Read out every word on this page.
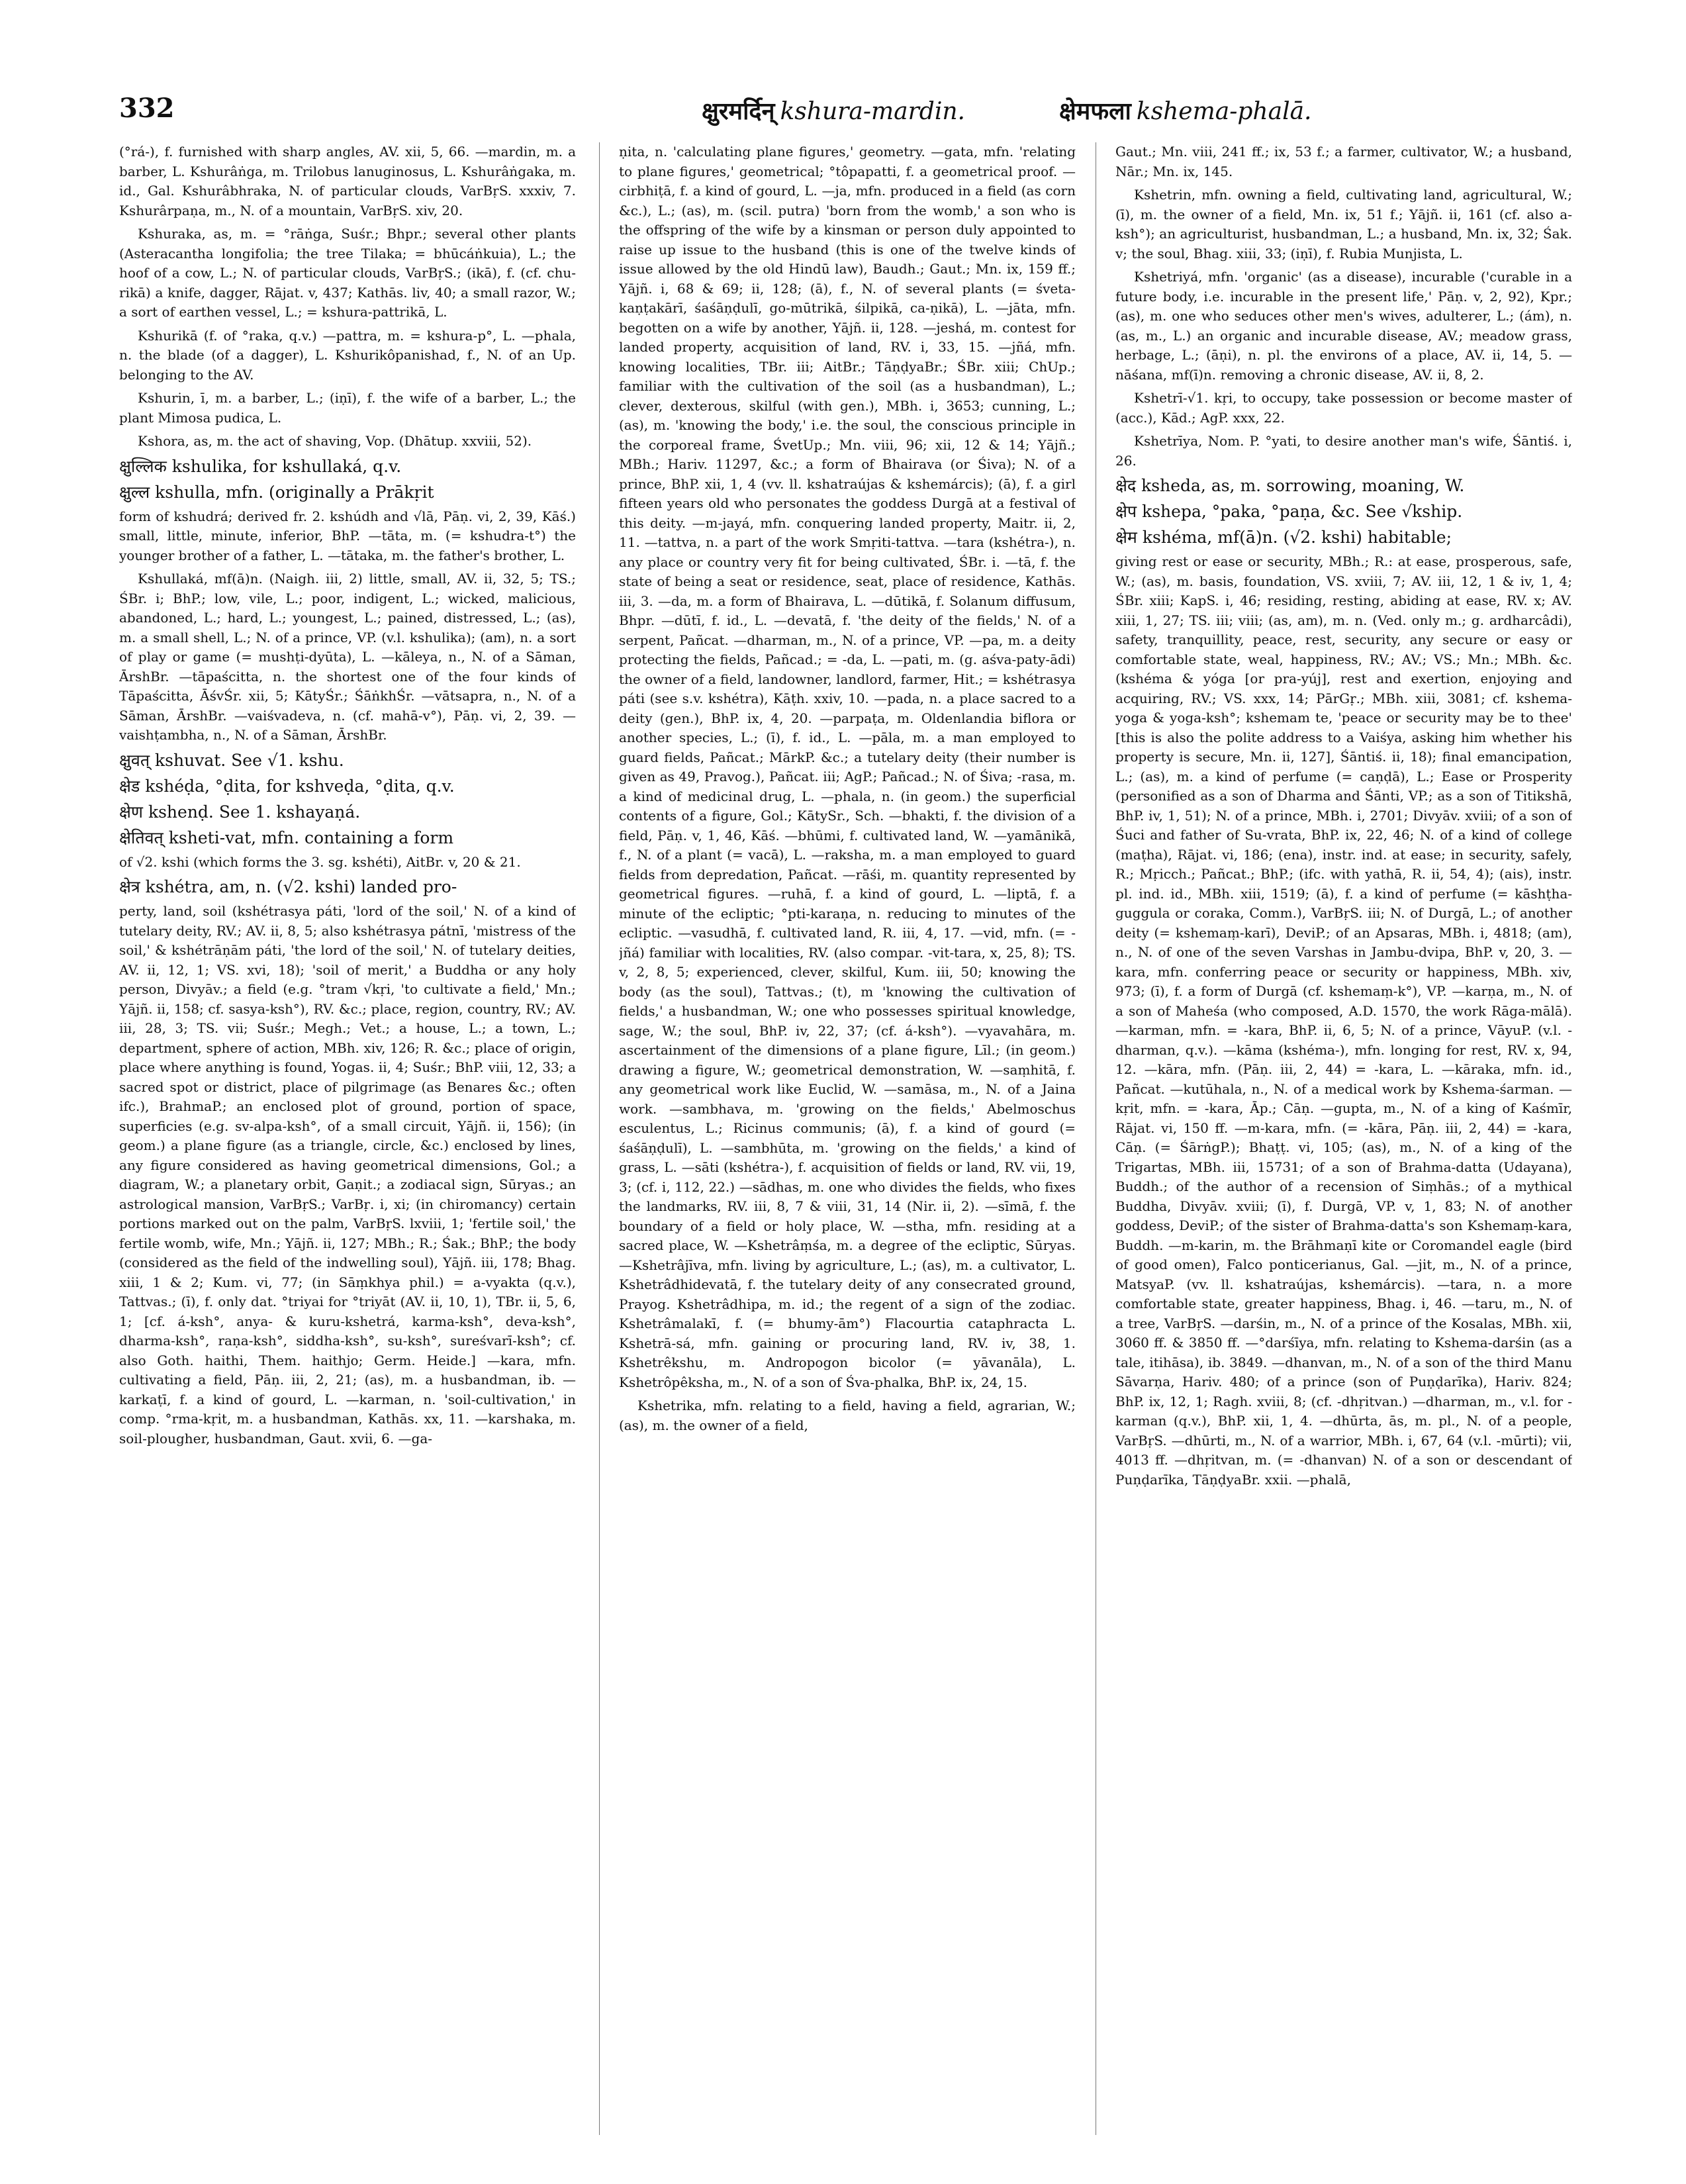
332	क्षुरमर्दिन् kshura-mardin.	क्षेमफला kshema-phalā.

(°rá-), f. furnished with sharp angles, AV. xii, 5, 66. —mardin, m. a barber, L. Kshurâṅga, m. Trilobus lanuginosus, L. Kshurâṅgaka, m. id., Gal. Kshurâbhraka, N. of particular clouds, VarBṛS. xxxiv, 7. Kshurârpaṇa, m., N. of a mountain, VarBṛS. xiv, 20.

Kshuraka, as, m. = °rāṅga, Suśr.; Bhpr.; several other plants (Asteracantha longifolia; the tree Tilaka; = bhūcáṅkuia), L.; the hoof of a cow, L.; N. of particular clouds, VarBṛS.; (ikā), f. (cf. chu-rikā) a knife, dagger, Rājat. v, 437; Kathās. liv, 40; a small razor, W.; a sort of earthen vessel, L.; = kshura-pattrikā, L.

Kshurikā (f. of °raka, q.v.) —pattra, m. = kshura-p°, L. —phala, n. the blade (of a dagger), L. Kshurikôpanishad, f., N. of an Up. belonging to the AV.

Kshurin, ī, m. a barber, L.; (iṇī), f. the wife of a barber, L.; the plant Mimosa pudica, L.

Kshora, as, m. the act of shaving, Vop. (Dhātup. xxviii, 52).

क्षुल्लिक kshulika, for kshullaká, q.v.

क्षुल्ल kshulla, mfn. (originally a Prākṛit

form of kshudrá; derived fr. 2. kshúdh and √lā, Pāṇ. vi, 2, 39, Kāś.) small, little, minute, inferior, BhP. —tāta, m. (= kshudra-t°) the younger brother of a father, L. —tātaka, m. the father's brother, L.

Kshullaká, mf(ā)n. (Naigh. iii, 2) little, small, AV. ii, 32, 5; TS.; ŚBr. i; BhP.; low, vile, L.; poor, indigent, L.; wicked, malicious, abandoned, L.; hard, L.; youngest, L.; pained, distressed, L.; (as), m. a small shell, L.; N. of a prince, VP. (v.l. kshulika); (am), n. a sort of play or game (= mushṭi-dyūta), L. —kāleya, n., N. of a Sāman, ĀrshBr. —tāpaścitta, n. the shortest one of the four kinds of Tāpaścitta, ĀśvŚr. xii, 5; KātyŚr.; ŚāṅkhŚr. —vātsapra, n., N. of a Sāman, ĀrshBr. —vaiśvadeva, n. (cf. mahā-v°), Pāṇ. vi, 2, 39. —vaishṭambha, n., N. of a Sāman, ĀrshBr.

क्षुवत् kshuvat. See √1. kshu.

क्षेड kshéḍa, °ḍita, for kshveḍa, °ḍita, q.v.

क्षेण kshenḍ. See 1. kshayaṇá.

क्षेतिवत् ksheti-vat, mfn. containing a form

of √2. kshi (which forms the 3. sg. kshéti), AitBr. v, 20 & 21.

क्षेत्र kshétra, am, n. (√2. kshi) landed pro-

perty, land, soil (kshétrasya páti, 'lord of the soil,' N. of a kind of tutelary deity, RV.; AV. ii, 8, 5; also kshétrasya pátnī, 'mistress of the soil,' & kshétrāṇām páti, 'the lord of the soil,' N. of tutelary deities, AV. ii, 12, 1; VS. xvi, 18); 'soil of merit,' a Buddha or any holy person, Divyāv.; a field (e.g. °tram √kṛi, 'to cultivate a field,' Mn.; Yājñ. ii, 158; cf. sasya-ksh°), RV. &c.; place, region, country, RV.; AV. iii, 28, 3; TS. vii; Suśr.; Megh.; Vet.; a house, L.; a town, L.; department, sphere of action, MBh. xiv, 126; R. &c.; place of origin, place where anything is found, Yogas. ii, 4; Suśr.; BhP. viii, 12, 33; a sacred spot or district, place of pilgrimage (as Benares &c.; often ifc.), BrahmaP.; an enclosed plot of ground, portion of space, superficies (e.g. sv-alpa-ksh°, of a small circuit, Yājñ. ii, 156); (in geom.) a plane figure (as a triangle, circle, &c.) enclosed by lines, any figure considered as having geometrical dimensions, Gol.; a diagram, W.; a planetary orbit, Gaṇit.; a zodiacal sign, Sūryas.; an astrological mansion, VarBṛS.; VarBṛ. i, xi; (in chiromancy) certain portions marked out on the palm, VarBṛS. lxviii, 1; 'fertile soil,' the fertile womb, wife, Mn.; Yājñ. ii, 127; MBh.; R.; Śak.; BhP.; the body (considered as the field of the indwelling soul), Yājñ. iii, 178; Bhag. xiii, 1 & 2; Kum. vi, 77; (in Sāṃkhya phil.) = a-vyakta (q.v.), Tattvas.; (ī), f. only dat. °triyai for °triyāt (AV. ii, 10, 1), TBr. ii, 5, 6, 1; [cf. á-ksh°, anya- & kuru-kshetrá, karma-ksh°, deva-ksh°, dharma-ksh°, raṇa-ksh°, siddha-ksh°, su-ksh°, sureśvarī-ksh°; cf. also Goth. haithi, Them. haithjo; Germ. Heide.] —kara, mfn. cultivating a field, Pāṇ. iii, 2, 21; (as), m. a husbandman, ib. —karkaṭī, f. a kind of gourd, L. —karman, n. 'soil-cultivation,' in comp. °rma-kṛit, m. a husbandman, Kathās. xx, 11. —karshaka, m. soil-plougher, husbandman, Gaut. xvii, 6. —ga-

ṇita, n. 'calculating plane figures,' geometry. —gata, mfn. 'relating to plane figures,' geometrical; °tôpapatti, f. a geometrical proof. —cirbhiṭā, f. a kind of gourd, L. —ja, mfn. produced in a field (as corn &c.), L.; (as), m. (scil. putra) 'born from the womb,' a son who is the offspring of the wife by a kinsman or person duly appointed to raise up issue to the husband (this is one of the twelve kinds of issue allowed by the old Hindū law), Baudh.; Gaut.; Mn. ix, 159 ff.; Yājñ. i, 68 & 69; ii, 128; (ā), f., N. of several plants (= śveta-kaṇṭakārī, śaśāṇḍulī, go-mūtrikā, śilpikā, ca-ṇikā), L. —jāta, mfn. begotten on a wife by another, Yājñ. ii, 128. —jeshá, m. contest for landed property, acquisition of land, RV. i, 33, 15. —jñá, mfn. knowing localities, TBr. iii; AitBr.; TāṇḍyaBr.; ŚBr. xiii; ChUp.; familiar with the cultivation of the soil (as a husbandman), L.; clever, dexterous, skilful (with gen.), MBh. i, 3653; cunning, L.; (as), m. 'knowing the body,' i.e. the soul, the conscious principle in the corporeal frame, ŚvetUp.; Mn. viii, 96; xii, 12 & 14; Yājñ.; MBh.; Hariv. 11297, &c.; a form of Bhairava (or Śiva); N. of a prince, BhP. xii, 1, 4 (vv. ll. kshatraújas & kshemárcis); (ā), f. a girl fifteen years old who personates the goddess Durgā at a festival of this deity. —m-jayá, mfn. conquering landed property, Maitr. ii, 2, 11. —tattva, n. a part of the work Smṛiti-tattva. —tara (kshétra-), n. any place or country very fit for being cultivated, ŚBr. i. —tā, f. the state of being a seat or residence, seat, place of residence, Kathās. iii, 3. —da, m. a form of Bhairava, L. —dūtikā, f. Solanum diffusum, Bhpr. —dūtī, f. id., L. —devatā, f. 'the deity of the fields,' N. of a serpent, Pañcat. —dharman, m., N. of a prince, VP. —pa, m. a deity protecting the fields, Pañcad.; = -da, L. —pati, m. (g. aśva-paty-ādi) the owner of a field, landowner, landlord, farmer, Hit.; = kshétrasya páti (see s.v. kshétra), Kāṭh. xxiv, 10. —pada, n. a place sacred to a deity (gen.), BhP. ix, 4, 20. —parpaṭa, m. Oldenlandia biflora or another species, L.; (ī), f. id., L. —pāla, m. a man employed to guard fields, Pañcat.; MārkP. &c.; a tutelary deity (their number is given as 49, Pravog.), Pañcat. iii; AgP.; Pañcad.; N. of Śiva; -rasa, m. a kind of medicinal drug, L. —phala, n. (in geom.) the superficial contents of a figure, Gol.; KātySr., Sch. —bhakti, f. the division of a field, Pāṇ. v, 1, 46, Kāś. —bhūmi, f. cultivated land, W. —yamānikā, f., N. of a plant (= vacā), L. —raksha, m. a man employed to guard fields from depredation, Pañcat. —rāśi, m. quantity represented by geometrical figures. —ruhā, f. a kind of gourd, L. —liptā, f. a minute of the ecliptic; °pti-karaṇa, n. reducing to minutes of the ecliptic. —vasudhā, f. cultivated land, R. iii, 4, 17. —vid, mfn. (= -jñá) familiar with localities, RV. (also compar. -vit-tara, x, 25, 8); TS. v, 2, 8, 5; experienced, clever, skilful, Kum. iii, 50; knowing the body (as the soul), Tattvas.; (t), m 'knowing the cultivation of fields,' a husbandman, W.; one who possesses spiritual knowledge, sage, W.; the soul, BhP. iv, 22, 37; (cf. á-ksh°). —vyavahāra, m. ascertainment of the dimensions of a plane figure, Līl.; (in geom.) drawing a figure, W.; geometrical demonstration, W. —saṃhitā, f. any geometrical work like Euclid, W. —samāsa, m., N. of a Jaina work. —sambhava, m. 'growing on the fields,' Abelmoschus esculentus, L.; Ricinus communis; (ā), f. a kind of gourd (= śaśāṇḍulī), L. —sambhūta, m. 'growing on the fields,' a kind of grass, L. —sāti (kshétra-), f. acquisition of fields or land, RV. vii, 19, 3; (cf. i, 112, 22.) —sādhas, m. one who divides the fields, who fixes the landmarks, RV. iii, 8, 7 & viii, 31, 14 (Nir. ii, 2). —sīmā, f. the boundary of a field or holy place, W. —stha, mfn. residing at a sacred place, W. —Kshetrâṃśa, m. a degree of the ecliptic, Sūryas. —Kshetrâjīva, mfn. living by agriculture, L.; (as), m. a cultivator, L. Kshetrâdhidevatā, f. the tutelary deity of any consecrated ground, Prayog. Kshetrâdhipa, m. id.; the regent of a sign of the zodiac. Kshetrâmalakī, f. (= bhumy-ām°) Flacourtia cataphracta L. Kshetrā-sá, mfn. gaining or procuring land, RV. iv, 38, 1. Kshetrêkshu, m. Andropogon bicolor (= yāvanāla), L. Kshetrôpêksha, m., N. of a son of Śva-phalka, BhP. ix, 24, 15.

Kshetrika, mfn. relating to a field, having a field, agrarian, W.; (as), m. the owner of a field,

Gaut.; Mn. viii, 241 ff.; ix, 53 f.; a farmer, cultivator, W.; a husband, Nār.; Mn. ix, 145.

Kshetrin, mfn. owning a field, cultivating land, agricultural, W.; (ī), m. the owner of a field, Mn. ix, 51 f.; Yājñ. ii, 161 (cf. also a-ksh°); an agriculturist, husbandman, L.; a husband, Mn. ix, 32; Śak. v; the soul, Bhag. xiii, 33; (iṇī), f. Rubia Munjista, L.

Kshetriyá, mfn. 'organic' (as a disease), incurable ('curable in a future body, i.e. incurable in the present life,' Pāṇ. v, 2, 92), Kpr.; (as), m. one who seduces other men's wives, adulterer, L.; (ám), n. (as, m., L.) an organic and incurable disease, AV.; meadow grass, herbage, L.; (āṇi), n. pl. the environs of a place, AV. ii, 14, 5. —nāśana, mf(ī)n. removing a chronic disease, AV. ii, 8, 2.

Kshetrī-√1. kṛi, to occupy, take possession or become master of (acc.), Kād.; AgP. xxx, 22.

Kshetrīya, Nom. P. °yati, to desire another man's wife, Śāntiś. i, 26.

क्षेद ksheda, as, m. sorrowing, moaning, W.

क्षेप kshepa, °paka, °paṇa, &c. See √kship.

क्षेम kshéma, mf(ā)n. (√2. kshi) habitable;

giving rest or ease or security, MBh.; R.: at ease, prosperous, safe, W.; (as), m. basis, foundation, VS. xviii, 7; AV. iii, 12, 1 & iv, 1, 4; ŚBr. xiii; KapS. i, 46; residing, resting, abiding at ease, RV. x; AV. xiii, 1, 27; TS. iii; viii; (as, am), m. n. (Ved. only m.; g. ardharcâdi), safety, tranquillity, peace, rest, security, any secure or easy or comfortable state, weal, happiness, RV.; AV.; VS.; Mn.; MBh. &c. (kshéma & yóga [or pra-yúj], rest and exertion, enjoying and acquiring, RV.; VS. xxx, 14; PārGṛ.; MBh. xiii, 3081; cf. kshema-yoga & yoga-ksh°; kshemam te, 'peace or security may be to thee' [this is also the polite address to a Vaiśya, asking him whether his property is secure, Mn. ii, 127], Śāntiś. ii, 18); final emancipation, L.; (as), m. a kind of perfume (= caṇḍā), L.; Ease or Prosperity (personified as a son of Dharma and Śānti, VP.; as a son of Titikshā, BhP. iv, 1, 51); N. of a prince, MBh. i, 2701; Divyāv. xviii; of a son of Śuci and father of Su-vrata, BhP. ix, 22, 46; N. of a kind of college (maṭha), Rājat. vi, 186; (ena), instr. ind. at ease; in security, safely, R.; Mṛicch.; Pañcat.; BhP.; (ifc. with yathā, R. ii, 54, 4); (ais), instr. pl. ind. id., MBh. xiii, 1519; (ā), f. a kind of perfume (= kāshṭha-guggula or coraka, Comm.), VarBṛS. iii; N. of Durgā, L.; of another deity (= kshemaṃ-karī), DeviP.; of an Apsaras, MBh. i, 4818; (am), n., N. of one of the seven Varshas in Jambu-dvipa, BhP. v, 20, 3. —kara, mfn. conferring peace or security or happiness, MBh. xiv, 973; (ī), f. a form of Durgā (cf. kshemaṃ-k°), VP. —karṇa, m., N. of a son of Maheśa (who composed, A.D. 1570, the work Rāga-mālā). —karman, mfn. = -kara, BhP. ii, 6, 5; N. of a prince, VāyuP. (v.l. -dharman, q.v.). —kāma (kshéma-), mfn. longing for rest, RV. x, 94, 12. —kāra, mfn. (Pāṇ. iii, 2, 44) = -kara, L. —kāraka, mfn. id., Pañcat. —kutūhala, n., N. of a medical work by Kshema-śarman. —kṛit, mfn. = -kara, Āp.; Cāṇ. —gupta, m., N. of a king of Kaśmīr, Rājat. vi, 150 ff. —m-kara, mfn. (= -kāra, Pāṇ. iii, 2, 44) = -kara, Cāṇ. (= ŚārṅgP.); Bhaṭṭ. vi, 105; (as), m., N. of a king of the Trigartas, MBh. iii, 15731; of a son of Brahma-datta (Udayana), Buddh.; of the author of a recension of Siṃhās.; of a mythical Buddha, Divyāv. xviii; (ī), f. Durgā, VP. v, 1, 83; N. of another goddess, DeviP.; of the sister of Brahma-datta's son Kshemaṃ-kara, Buddh. —m-karin, m. the Brāhmaṇī kite or Coromandel eagle (bird of good omen), Falco ponticerianus, Gal. —jit, m., N. of a prince, MatsyaP. (vv. ll. kshatraújas, kshemárcis). —tara, n. a more comfortable state, greater happiness, Bhag. i, 46. —taru, m., N. of a tree, VarBṛS. —darśin, m., N. of a prince of the Kosalas, MBh. xii, 3060 ff. & 3850 ff. —°darśīya, mfn. relating to Kshema-darśin (as a tale, itihāsa), ib. 3849. —dhanvan, m., N. of a son of the third Manu Sāvarṇa, Hariv. 480; of a prince (son of Puṇḍarīka), Hariv. 824; BhP. ix, 12, 1; Ragh. xviii, 8; (cf. -dhṛitvan.) —dharman, m., v.l. for -karman (q.v.), BhP. xii, 1, 4. —dhūrta, ās, m. pl., N. of a people, VarBṛS. —dhūrti, m., N. of a warrior, MBh. i, 67, 64 (v.l. -mūrti); vii, 4013 ff. —dhṛitvan, m. (= -dhanvan) N. of a son or descendant of Puṇḍarīka, TāṇḍyaBr. xxii. —phalā,
